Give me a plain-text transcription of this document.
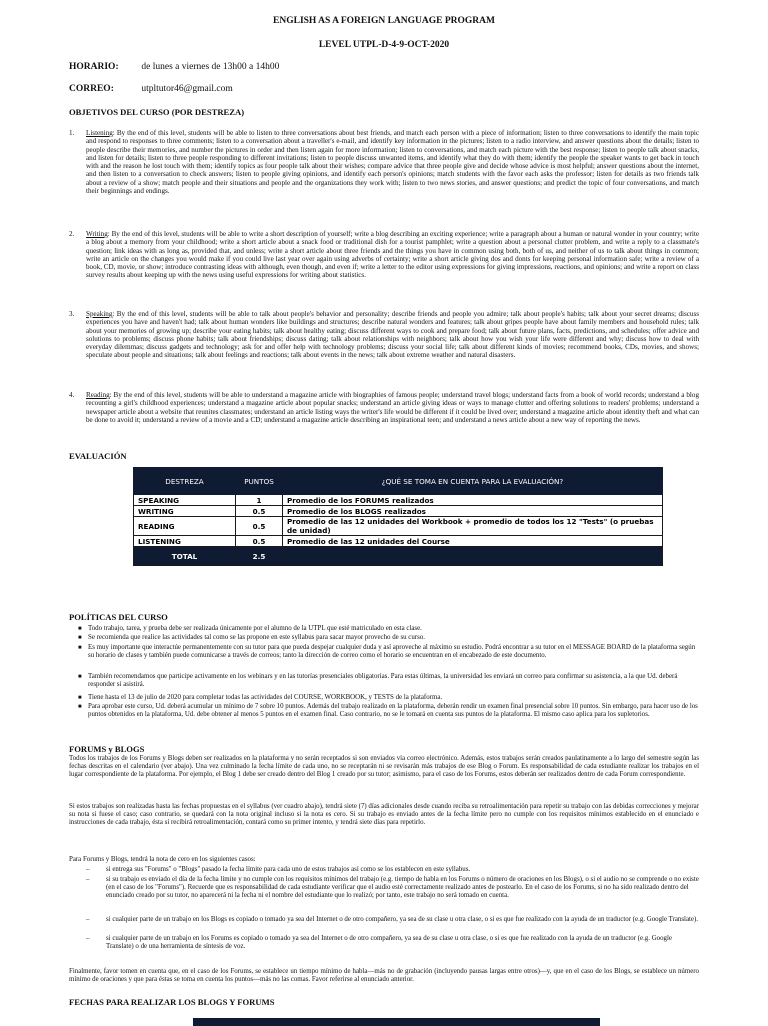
ENGLISH AS A FOREIGN LANGUAGE PROGRAM
LEVEL UTPL-D-4-9-OCT-2020
HORARIO: de lunes a viernes de 13h00 a 14h00
CORREO:	utpltutor46@gmail.com
OBJETIVOS DEL CURSO (POR DESTREZA)
1. Listening: By the end of this level, students will be able to listen to three conversations about best friends, and match each person with a piece of information; listen to three conversations to identify the main topic and respond to responses to three comments; listen to a conversation about a traveller's e-mail, and identify key information in the pictures; listen to a radio interview, and answer questions about the details; listen to people describe their memories, and number the pictures in order and then listen again for more information; listen to conversations, and match each picture with the best response; listen to people talk about snacks, and listen for details; listen to three people responding to different invitations; listen to people discuss unwanted items, and identify what they do with them; identify the people the speaker wants to get back in touch with and the reason he lost touch with them; identify topics as four people talk about their wishes; compare advice that three people give and decide whose advice is most helpful; answer questions about the internet, and then listen to a conversation to check answers; listen to people giving opinions, and identify each person's opinions; match students with the favor each asks the professor; listen for details as two friends talk about a review of a show; match people and their situations and people and the organizations they work with; listen to two news stories, and answer questions; and predict the topic of four conversations, and match their beginnings and endings.
2. Writing: By the end of this level, students will be able to write a short description of yourself; write a blog describing an exciting experience; write a paragraph about a human or natural wonder in your country; write a blog about a memory from your childhood; write a short article about a snack food or traditional dish for a tourist pamphlet; write a question about a personal clutter problem, and write a reply to a classmate's question; link ideas with as long as, provided that, and unless; write a short article about three friends and the things you have in common using both, both of us, and neither of us to talk about things in common; write an article on the changes you would make if you could live last year over again using adverbs of certainty; write a short article giving dos and donts for keeping personal information safe; write a review of a book, CD, movie, or show; introduce contrasting ideas with although, even though, and even if; write a letter to the editor using expressions for giving impressions, reactions, and opinions; and write a report on class survey results about keeping up with the news using useful expressions for writing about statistics.
3. Speaking: By the end of this level, students will be able to talk about people's behavior and personality; describe friends and people you admire; talk about people's habits; talk about your secret dreams; discuss experiences you have and haven't had; talk about human wonders like buildings and structures; describe natural wonders and features; talk about gripes people have about family members and household rules; talk about your memories of growing up; describe your eating habits; talk about healthy eating; discuss different ways to cook and prepare food; talk about future plans, facts, predictions, and schedules; offer advice and solutions to problems; discuss phone habits; talk about friendships; discuss dating; talk about relationships with neighbors; talk about how you wish your life were different and why; discuss how to deal with everyday dilemmas; discuss gadgets and technology; ask for and offer help with technology problems; discuss your social life; talk about different kinds of movies; recommend books, CDs, movies, and shows; speculate about people and situations; talk about feelings and reactions; talk about events in the news; talk about extreme weather and natural disasters.
4. Reading: By the end of this level, students will be able to understand a magazine article with biographies of famous people; understand travel blogs; understand facts from a book of world records; understand a blog recounting a girl's childhood experiences; understand a magazine article about popular snacks; understand an article giving ideas or ways to manage clutter and offering solutions to readers' problems; understand a newspaper article about a website that reunites classmates; understand an article listing ways the writer's life would be different if it could be lived over; understand a magazine article about identity theft and what can be done to avoid it; understand a review of a movie and a CD; understand a magazine article describing an inspirational teen; and understand a news article about a new way of reporting the news.
EVALUACIÓN
DESTREZA	PUNTOS	¿QUÉ SE TOMA EN CUENTA PARA LA EVALUACIÓN?
SPEAKING	1	Promedio de los FORUMS realizados
WRITING	0.5	Promedio de los BLOGS realizados
READING	0.5	Promedio de las 12 unidades del Workbook + promedio de todos los 12 "Tests" (o pruebas de unidad)
LISTENING	0.5	Promedio de las 12 unidades del Course
TOTAL	2.5	
POLÍTICAS DEL CURSO
■ Todo trabajo, tarea, y prueba debe ser realizada únicamente por el alumno de la UTPL que esté matriculado en esta clase.
■ Se recomienda que realice las actividades tal como se las propone en este syllabus para sacar mayor provecho de su curso.
■ Es muy importante que interactúe permanentemente con su tutor para que pueda despejar cualquier duda y así aproveche al máximo su estudio. Podrá encontrar a su tutor en el MESSAGE BOARD de la plataforma según su horario de clases y también puede comunicarse a través de correos; tanto la dirección de correo como el horario se encuentran en el encabezado de este documento.
■ También recomendamos que participe activamente en los webinars y en las tutorías presenciales obligatorias. Para estas últimas, la universidad les enviará un correo para confirmar su asistencia, a la que Ud. deberá responder si asistirá.
■ Tiene hasta el 13 de julio de 2020 para completar todas las actividades del COURSE, WORKBOOK, y TESTS de la plataforma.
■ Para aprobar este curso, Ud. deberá acumular un mínimo de 7 sobre 10 puntos. Además del trabajo realizado en la plataforma, deberán rendir un examen final presencial sobre 10 puntos. Sin embargo, para hacer uso de los puntos obtenidos en la plataforma, Ud. debe obtener al menos 5 puntos en el examen final. Caso contrario, no se le tomará en cuenta sus puntos de la plataforma. El mismo caso aplica para los supletorios.
FORUMS y BLOGS
Todos los trabajos de los Forums y Blogs deben ser realizados en la plataforma y no serán receptados si son enviados vía correo electrónico. Además, estos trabajos serán creados paulatinamente a lo largo del semestre según las fechas descritas en el calendario (ver abajo). Una vez culminado la fecha límite de cada uno, no se receptarán ni se revisarán más trabajos de ese Blog o Forum. Es responsabilidad de cada estudiante realizar los trabajos en el lugar correspondiente de la plataforma. Por ejemplo, el Blog 1 debe ser creado dentro del Blog 1 creado por su tutor; asimismo, para el caso de los Forums, estos deberán ser realizados dentro de cada Forum correspondiente.
Si estos trabajos son realizadas hasta las fechas propuestas en el syllabus (ver cuadro abajo), tendrá siete (7) días adicionales desde cuando reciba su retroalimentación para repetir su trabajo con las debidas correcciones y mejorar su nota si fuese el caso; caso contrario, se quedará con la nota original incluso si la nota es cero. Si su trabajo es enviado antes de la fecha límite pero no cumple con los requisitos mínimos establecido en el enunciado e instrucciones de cada trabajo, ésta sí recibirá retroalimentación, contará como su primer intento, y tendrá siete días para repetirlo.
Para Forums y Blogs, tendrá la nota de cero en los siguientes casos:
– si entrega sus "Forums" o "Blogs" pasado la fecha límite para cada uno de estos trabajos así como se los establecen en este syllabus.
– si su trabajo es enviado el día de la fecha límite y no cumple con los requisitos mínimos del trabajo (e.g. tiempo de habla en los Forums o número de oraciones en los Blogs), o si el audio no se comprende o no existe (en el caso de los "Forums"). Recuerde que es responsabilidad de cada estudiante verificar que el audio esté correctamente realizado antes de postearlo. En el caso de los Forums, si no ha sido realizado dentro del enunciado creado por su tutor, no aparecerá ni la fecha ni el nombre del estudiante que lo realizó; por tanto, este trabajo no será tomado en cuenta.
– si cualquier parte de un trabajo en los Blogs es copiado o tomado ya sea del Internet o de otro compañero, ya sea de su clase u otra clase, o si es que fue realizado con la ayuda de un traductor (e.g. Google Translate).
– si cualquier parte de un trabajo en los Forums es copiado o tomado ya sea del Internet o de otro compañero, ya sea de su clase u otra clase, o si es que fue realizado con la ayuda de un traductor (e.g. Google Translate) o de una herramienta de síntesis de voz.
Finalmente, favor tomen en cuenta que, en el caso de los Forums, se establece un tiempo mínimo de habla—más no de grabación (incluyendo pausas largas entre otros)—y, que en el caso de los Blogs, se establece un número mínimo de oraciones y que para éstas se toma en cuenta los puntos—más no las comas. Favor referirse al enunciado anterior.
FECHAS PARA REALIZAR LOS BLOGS Y FORUMS
